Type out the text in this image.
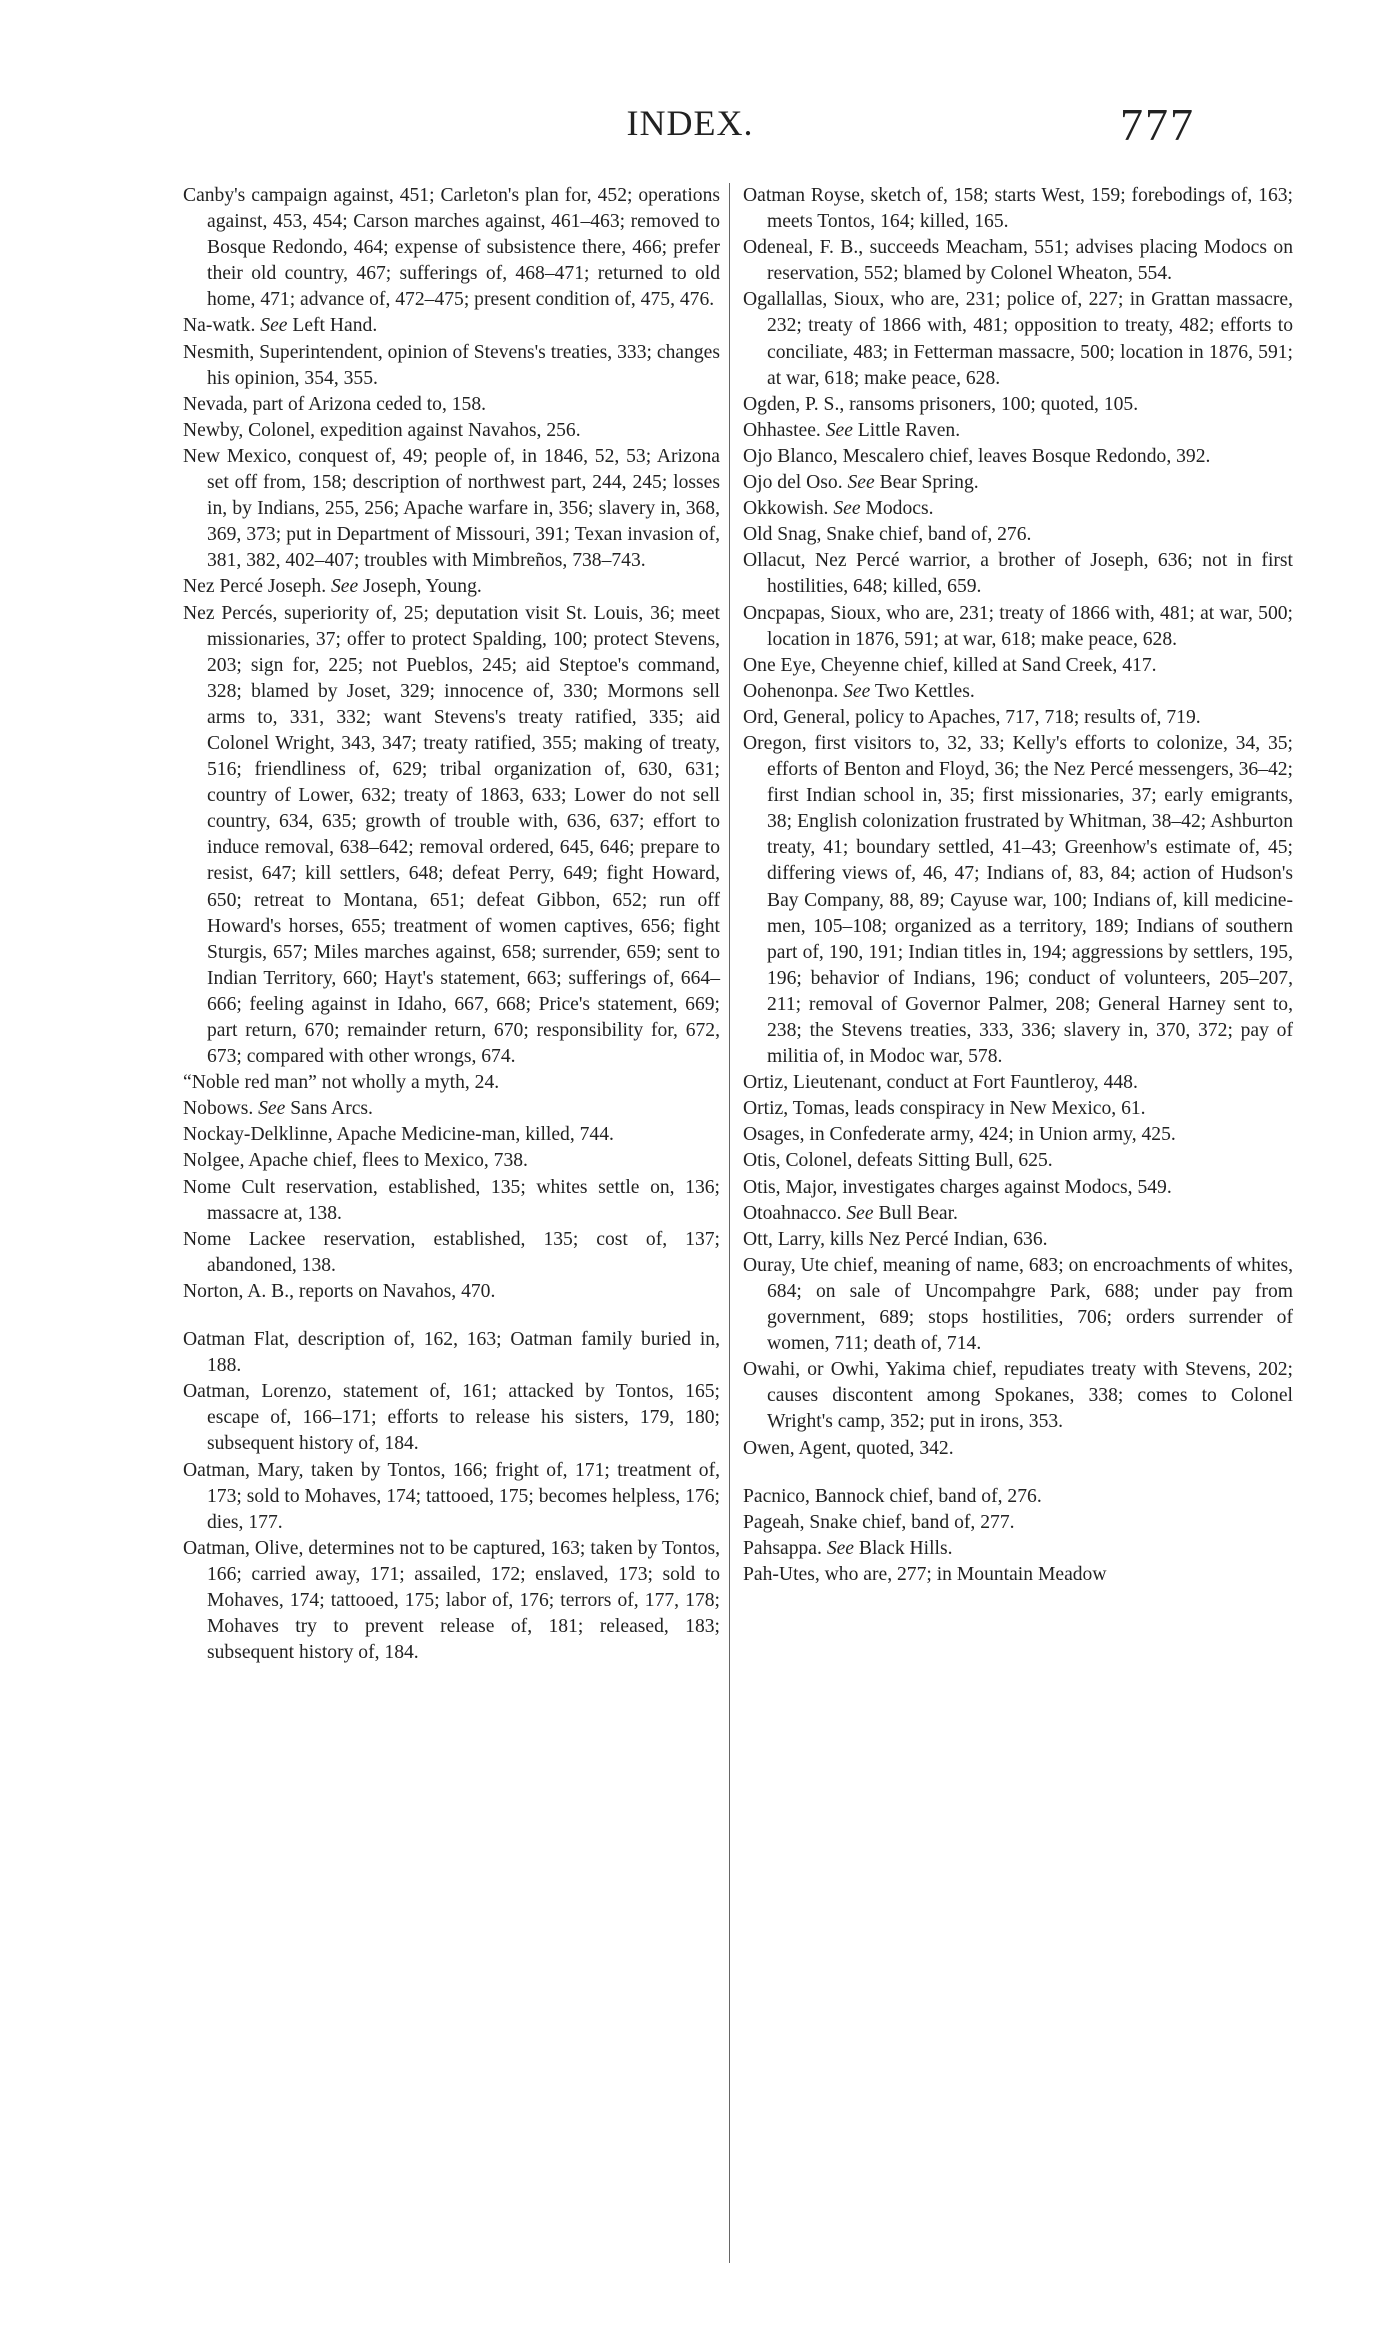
INDEX.	777

Canby's campaign against, 451; Carleton's plan for, 452; operations against, 453, 454; Carson marches against, 461–463; removed to Bosque Redondo, 464; expense of subsistence there, 466; prefer their old country, 467; sufferings of, 468–471; returned to old home, 471; advance of, 472–475; present condition of, 475, 476.

Na-watk. See Left Hand.

Nesmith, Superintendent, opinion of Stevens's treaties, 333; changes his opinion, 354, 355.

Nevada, part of Arizona ceded to, 158.

Newby, Colonel, expedition against Navahos, 256.

New Mexico, conquest of, 49; people of, in 1846, 52, 53; Arizona set off from, 158; description of northwest part, 244, 245; losses in, by Indians, 255, 256; Apache warfare in, 356; slavery in, 368, 369, 373; put in Department of Missouri, 391; Texan invasion of, 381, 382, 402–407; troubles with Mimbreños, 738–743.

Nez Percé Joseph. See Joseph, Young.

Nez Percés, superiority of, 25; deputation visit St. Louis, 36; meet missionaries, 37; offer to protect Spalding, 100; protect Stevens, 203; sign for, 225; not Pueblos, 245; aid Steptoe's command, 328; blamed by Joset, 329; innocence of, 330; Mormons sell arms to, 331, 332; want Stevens's treaty ratified, 335; aid Colonel Wright, 343, 347; treaty ratified, 355; making of treaty, 516; friendliness of, 629; tribal organization of, 630, 631; country of Lower, 632; treaty of 1863, 633; Lower do not sell country, 634, 635; growth of trouble with, 636, 637; effort to induce removal, 638–642; removal ordered, 645, 646; prepare to resist, 647; kill settlers, 648; defeat Perry, 649; fight Howard, 650; retreat to Montana, 651; defeat Gibbon, 652; run off Howard's horses, 655; treatment of women captives, 656; fight Sturgis, 657; Miles marches against, 658; surrender, 659; sent to Indian Territory, 660; Hayt's statement, 663; sufferings of, 664–666; feeling against in Idaho, 667, 668; Price's statement, 669; part return, 670; remainder return, 670; responsibility for, 672, 673; compared with other wrongs, 674.

“Noble red man” not wholly a myth, 24.

Nobows. See Sans Arcs.

Nockay-Delklinne, Apache Medicine-man, killed, 744.

Nolgee, Apache chief, flees to Mexico, 738.

Nome Cult reservation, established, 135; whites settle on, 136; massacre at, 138.

Nome Lackee reservation, established, 135; cost of, 137; abandoned, 138.

Norton, A. B., reports on Navahos, 470.

Oatman Flat, description of, 162, 163; Oatman family buried in, 188.

Oatman, Lorenzo, statement of, 161; attacked by Tontos, 165; escape of, 166–171; efforts to release his sisters, 179, 180; subsequent history of, 184.

Oatman, Mary, taken by Tontos, 166; fright of, 171; treatment of, 173; sold to Mohaves, 174; tattooed, 175; becomes helpless, 176; dies, 177.

Oatman, Olive, determines not to be captured, 163; taken by Tontos, 166; carried away, 171; assailed, 172; enslaved, 173; sold to Mohaves, 174; tattooed, 175; labor of, 176; terrors of, 177, 178; Mohaves try to prevent release of, 181; released, 183; subsequent history of, 184.

Oatman Royse, sketch of, 158; starts West, 159; forebodings of, 163; meets Tontos, 164; killed, 165.

Odeneal, F. B., succeeds Meacham, 551; advises placing Modocs on reservation, 552; blamed by Colonel Wheaton, 554.

Ogallallas, Sioux, who are, 231; police of, 227; in Grattan massacre, 232; treaty of 1866 with, 481; opposition to treaty, 482; efforts to conciliate, 483; in Fetterman massacre, 500; location in 1876, 591; at war, 618; make peace, 628.

Ogden, P. S., ransoms prisoners, 100; quoted, 105.

Ohhastee. See Little Raven.

Ojo Blanco, Mescalero chief, leaves Bosque Redondo, 392.

Ojo del Oso. See Bear Spring.

Okkowish. See Modocs.

Old Snag, Snake chief, band of, 276.

Ollacut, Nez Percé warrior, a brother of Joseph, 636; not in first hostilities, 648; killed, 659.

Oncpapas, Sioux, who are, 231; treaty of 1866 with, 481; at war, 500; location in 1876, 591; at war, 618; make peace, 628.

One Eye, Cheyenne chief, killed at Sand Creek, 417.

Oohenonpa. See Two Kettles.

Ord, General, policy to Apaches, 717, 718; results of, 719.

Oregon, first visitors to, 32, 33; Kelly's efforts to colonize, 34, 35; efforts of Benton and Floyd, 36; the Nez Percé messengers, 36–42; first Indian school in, 35; first missionaries, 37; early emigrants, 38; English colonization frustrated by Whitman, 38–42; Ashburton treaty, 41; boundary settled, 41–43; Greenhow's estimate of, 45; differing views of, 46, 47; Indians of, 83, 84; action of Hudson's Bay Company, 88, 89; Cayuse war, 100; Indians of, kill medicine-men, 105–108; organized as a territory, 189; Indians of southern part of, 190, 191; Indian titles in, 194; aggressions by settlers, 195, 196; behavior of Indians, 196; conduct of volunteers, 205–207, 211; removal of Governor Palmer, 208; General Harney sent to, 238; the Stevens treaties, 333, 336; slavery in, 370, 372; pay of militia of, in Modoc war, 578.

Ortiz, Lieutenant, conduct at Fort Fauntleroy, 448.

Ortiz, Tomas, leads conspiracy in New Mexico, 61.

Osages, in Confederate army, 424; in Union army, 425.

Otis, Colonel, defeats Sitting Bull, 625.

Otis, Major, investigates charges against Modocs, 549.

Otoahnacco. See Bull Bear.

Ott, Larry, kills Nez Percé Indian, 636.

Ouray, Ute chief, meaning of name, 683; on encroachments of whites, 684; on sale of Uncompahgre Park, 688; under pay from government, 689; stops hostilities, 706; orders surrender of women, 711; death of, 714.

Owahi, or Owhi, Yakima chief, repudiates treaty with Stevens, 202; causes discontent among Spokanes, 338; comes to Colonel Wright's camp, 352; put in irons, 353.

Owen, Agent, quoted, 342.

Pacnico, Bannock chief, band of, 276.

Pageah, Snake chief, band of, 277.

Pahsappa. See Black Hills.

Pah-Utes, who are, 277; in Mountain Meadow
